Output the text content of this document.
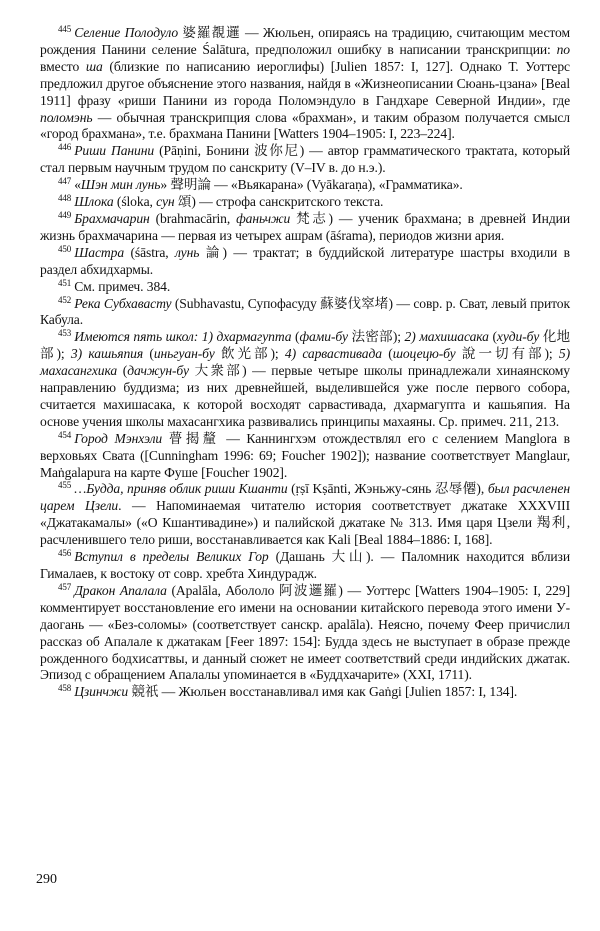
$^{445}$ Селение Полодуло 婆羅覩邏 — Жюльен, опираясь на традицию, считающим местом рождения Панини селение Śalātura, предположил ошибку в написании транскрипции: по вместо ша (близкие по написанию иероглифы) [Julien 1857: I, 127]. Однако Т. Уоттерс предложил другое объяснение этого названия, найдя в «Жизнеописании Сюань-цзана» [Beal 1911] фразу «риши Панини из города Поломэндуло в Гандхаре Северной Индии», где поломэнь — обычная транскрипция слова «брахман», и таким образом получается смысл «город брахмана», т.е. брахмана Панини [Watters 1904–1905: I, 223–224].

$^{446}$ Риши Панини (Pāṇini, Бонини 波你尼) — автор грамматического трактата, который стал первым научным трудом по санскриту (V–IV в. до н.э.).

$^{447}$ «Шэн мин лунь» 聲明論 — «Вьякарана» (Vyākaraṇa), «Грамматика».

$^{448}$ Шлока (śloka, сун 頌) — строфа санскритского текста.

$^{449}$ Брахмачарин (brahmacārin, фаньчжи 梵志) — ученик брахмана; в древней Индии жизнь брахмачарина — первая из четырех ашрам (āśrama), периодов жизни ария.

$^{450}$ Шастра (śāstra, лунь 論) — трактат; в буддийской литературе шастры входили в раздел абхидхармы.

$^{451}$ См. примеч. 384.

$^{452}$ Река Субхавасту (Subhavastu, Супофасуду 蘇婆伐窣堵) — совр. р. Сват, левый приток Кабула.

$^{453}$ Имеются пять школ: 1) дхармагупта (фами-бу 法密部); 2) махишасака (худи-бу 化地部); 3) кашьяпия (иньгуан-бу 飲光部); 4) сарвастивада (шоцецю-бу 說一切有部); 5) махасангхика (дачжун-бу 大衆部) — первые четыре школы принадлежали хинаянскому направлению буддизма; из них древнейшей, выделившейся уже после первого собора, считается махишасака, к которой восходят сарвастивада, дхармагупта и кашьяпия. На основе учения школы махасангхика развивались принципы махаяны. Ср. примеч. 211, 213.

$^{454}$ Город Мэнхэли 瞢揭釐 — Каннингхэм отождествлял его с селением Manglora в верховьях Свата ([Cunningham 1996: 69; Foucher 1902]); название соответствует Manglaur, Maṅgalapura на карте Фуше [Foucher 1902].

$^{455}$ …Будда, приняв облик риши Кшанти (ṛṣī Kṣānti, Жэньжу-сянь 忍辱僊), был расчленен царем Цзели. — Напоминаемая читателю история соответствует джатаке XXXVIII «Джатакамалы» («О Кшантивадине») и палийской джатаке № 313. Имя царя Цзели 羯利, расчленившего тело риши, восстанавливается как Kali [Beal 1884–1886: I, 168].

$^{456}$ Вступил в пределы Великих Гор (Дашань 大山). — Паломник находится вблизи Гималаев, к востоку от совр. хребта Хиндурадж.

$^{457}$ Дракон Апалала (Apalāla, Абололо 阿波邏羅) — Уоттерс [Watters 1904–1905: I, 229] комментирует восстановление его имени на основании китайского перевода этого имени У-даогань — «Без-соломы» (соответствует санскр. apalāla). Неясно, почему Феер причислил рассказ об Апалале к джатакам [Feer 1897: 154]: Будда здесь не выступает в образе прежде рожденного бодхисаттвы, и данный сюжет не имеет соответствий среди индийских джатак. Эпизод с обращением Апалалы упоминается в «Буддхачарите» (XXI, 1711).

$^{458}$ Цзинчжи 競祇 — Жюльен восстанавливал имя как Gaṅgi [Julien 1857: I, 134].

290
